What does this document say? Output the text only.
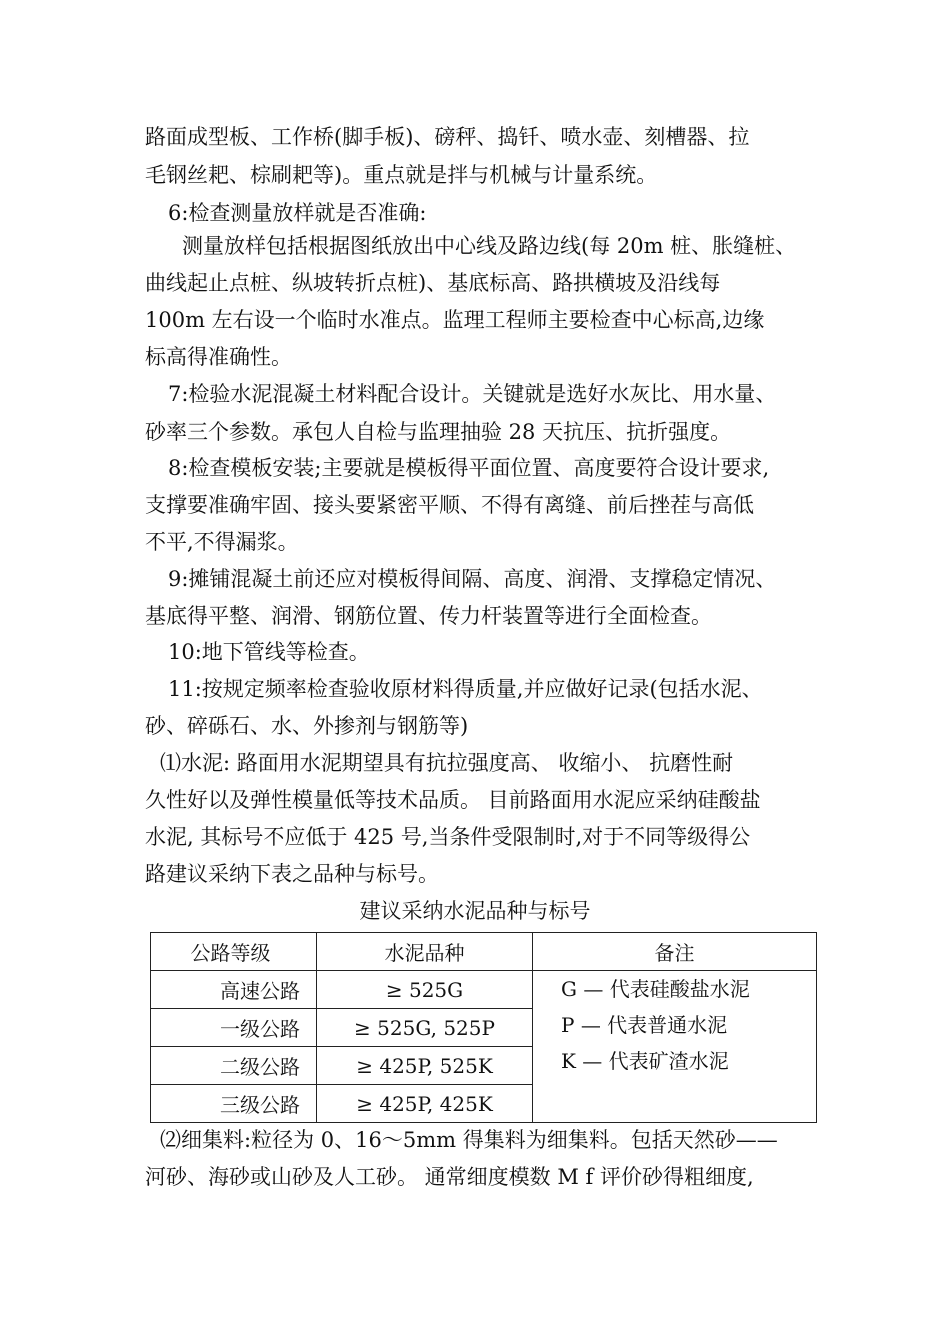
路面成型板、工作桥(脚手板)、磅秤、捣钎、喷水壶、刻槽器、拉
毛钢丝耙、棕刷耙等)。重点就是拌与机械与计量系统。
6:检查测量放样就是否准确:
测量放样包括根据图纸放出中心线及路边线(每 20m 桩、胀缝桩、
曲线起止点桩、纵坡转折点桩)、基底标高、路拱横坡及沿线每
100m 左右设一个临时水准点。监理工程师主要检查中心标高,边缘
标高得准确性。
7:检验水泥混凝土材料配合设计。关键就是选好水灰比、用水量、
砂率三个参数。承包人自检与监理抽验 28 天抗压、抗折强度。
8:检查模板安装;主要就是模板得平面位置、高度要符合设计要求,
支撑要准确牢固、接头要紧密平顺、不得有离缝、前后挫茬与高低
不平,不得漏浆。
9:摊铺混凝土前还应对模板得间隔、高度、润滑、支撑稳定情况、
基底得平整、润滑、钢筋位置、传力杆装置等进行全面检查。
10:地下管线等检查。
11:按规定频率检查验收原材料得质量,并应做好记录(包括水泥、
砂、碎砾石、水、外掺剂与钢筋等)
⑴水泥: 路面用水泥期望具有抗拉强度高、 收缩小、 抗磨性耐
久性好以及弹性模量低等技术品质。 目前路面用水泥应采纳硅酸盐
水泥, 其标号不应低于 425 号,当条件受限制时,对于不同等级得公
路建议采纳下表之品种与标号。
建议采纳水泥品种与标号
公路等级	水泥品种	备注
高速公路	≥ 525G	G — 代表硅酸盐水泥
P — 代表普通水泥
K — 代表矿渣水泥

一级公路	≥ 525G, 525P	
二级公路	≥ 425P, 525K	
三级公路	≥ 425P, 425K	
⑵细集料:粒径为 0、16～5mm 得集料为细集料。包括天然砂——
河砂、海砂或山砂及人工砂。 通常细度模数 M f 评价砂得粗细度,
